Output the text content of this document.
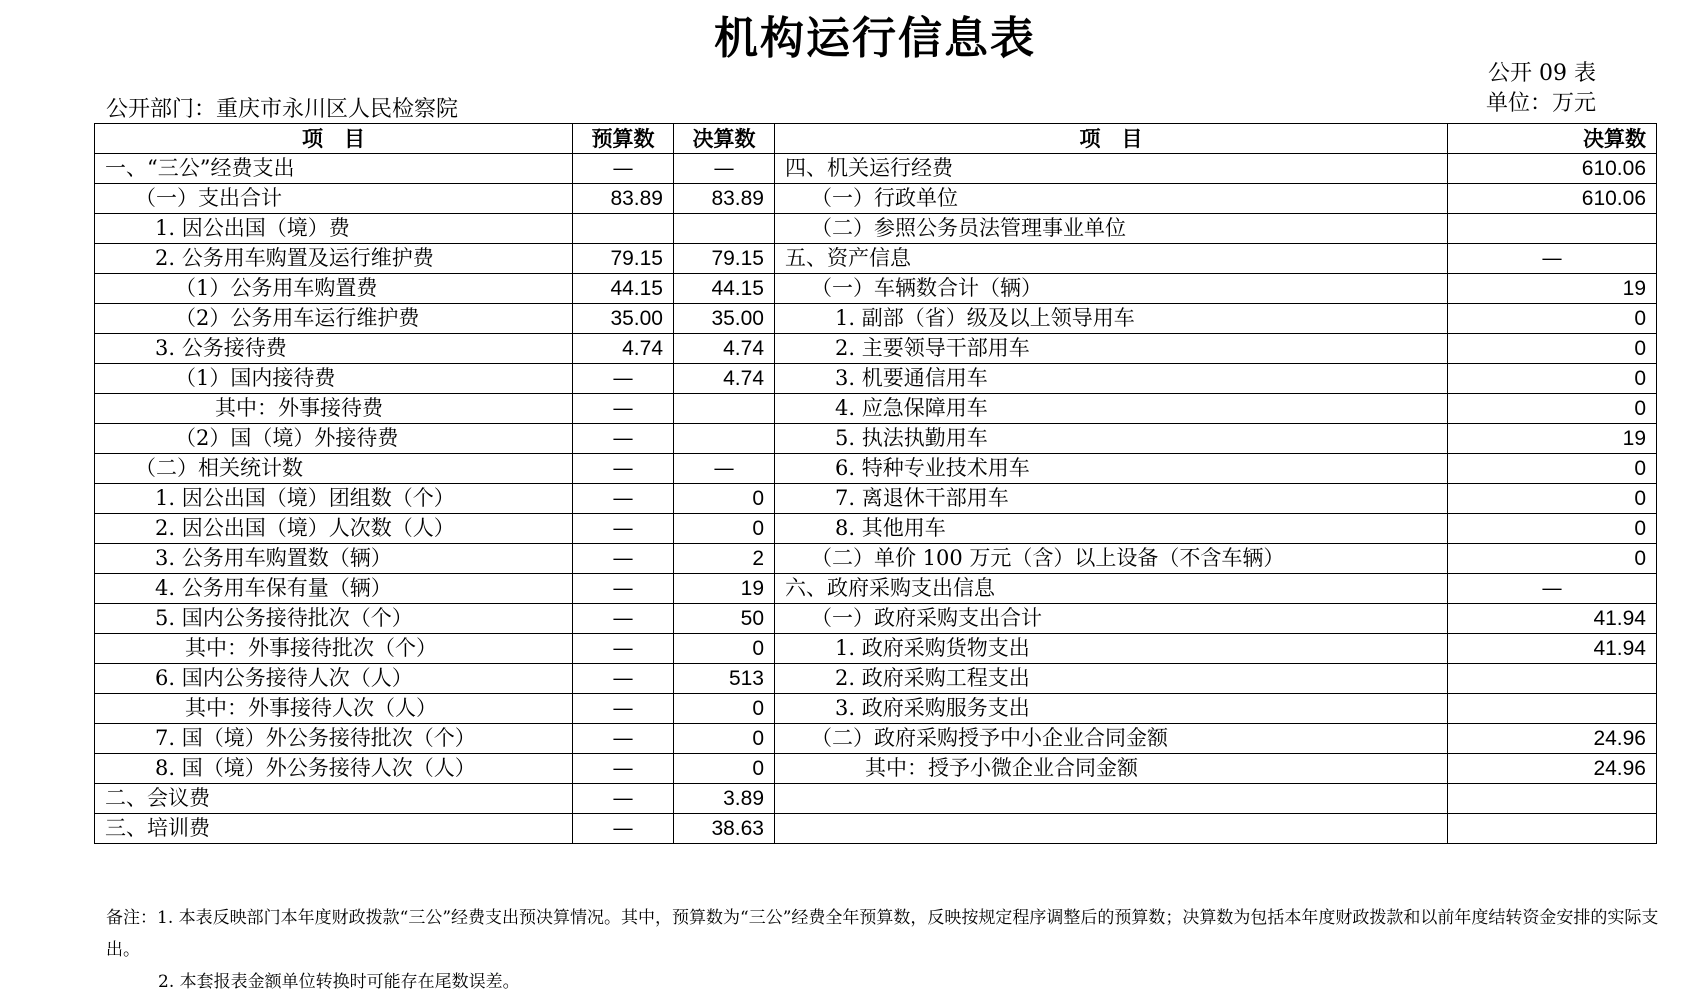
机构运行信息表
公开 09 表
单位：万元
公开部门：重庆市永川区人民检察院
项　目	预算数	决算数	项　目	决算数
一、“三公”经费支出	—	—	四、机关运行经费	610.06
（一）支出合计	83.89	83.89	（一）行政单位	610.06
1. 因公出国（境）费			（二）参照公务员法管理事业单位	
2. 公务用车购置及运行维护费	79.15	79.15	五、资产信息	—
（1）公务用车购置费	44.15	44.15	（一）车辆数合计（辆）	19
（2）公务用车运行维护费	35.00	35.00	1. 副部（省）级及以上领导用车	0
3. 公务接待费	4.74	4.74	2. 主要领导干部用车	0
（1）国内接待费	—	4.74	3. 机要通信用车	0
其中：外事接待费	—		4. 应急保障用车	0
（2）国（境）外接待费	—		5. 执法执勤用车	19
（二）相关统计数	—	—	6. 特种专业技术用车	0
1. 因公出国（境）团组数（个）	—	0	7. 离退休干部用车	0
2. 因公出国（境）人次数（人）	—	0	8. 其他用车	0
3. 公务用车购置数（辆）	—	2	（二）单价 100 万元（含）以上设备（不含车辆）	0
4. 公务用车保有量（辆）	—	19	六、政府采购支出信息	—
5. 国内公务接待批次（个）	—	50	（一）政府采购支出合计	41.94
其中：外事接待批次（个）	—	0	1. 政府采购货物支出	41.94
6. 国内公务接待人次（人）	—	513	2. 政府采购工程支出	
其中：外事接待人次（人）	—	0	3. 政府采购服务支出	
7. 国（境）外公务接待批次（个）	—	0	（二）政府采购授予中小企业合同金额	24.96
8. 国（境）外公务接待人次（人）	—	0	其中：授予小微企业合同金额	24.96
二、会议费	—	3.89		
三、培训费	—	38.63		
备注：1. 本表反映部门本年度财政拨款“三公”经费支出预决算情况。其中，预算数为“三公”经费全年预算数，反映按规定程序调整后的预算数；决算数为包括本年度财政拨款和以前年度结转资金安排的实际支出。
2. 本套报表金额单位转换时可能存在尾数误差。
